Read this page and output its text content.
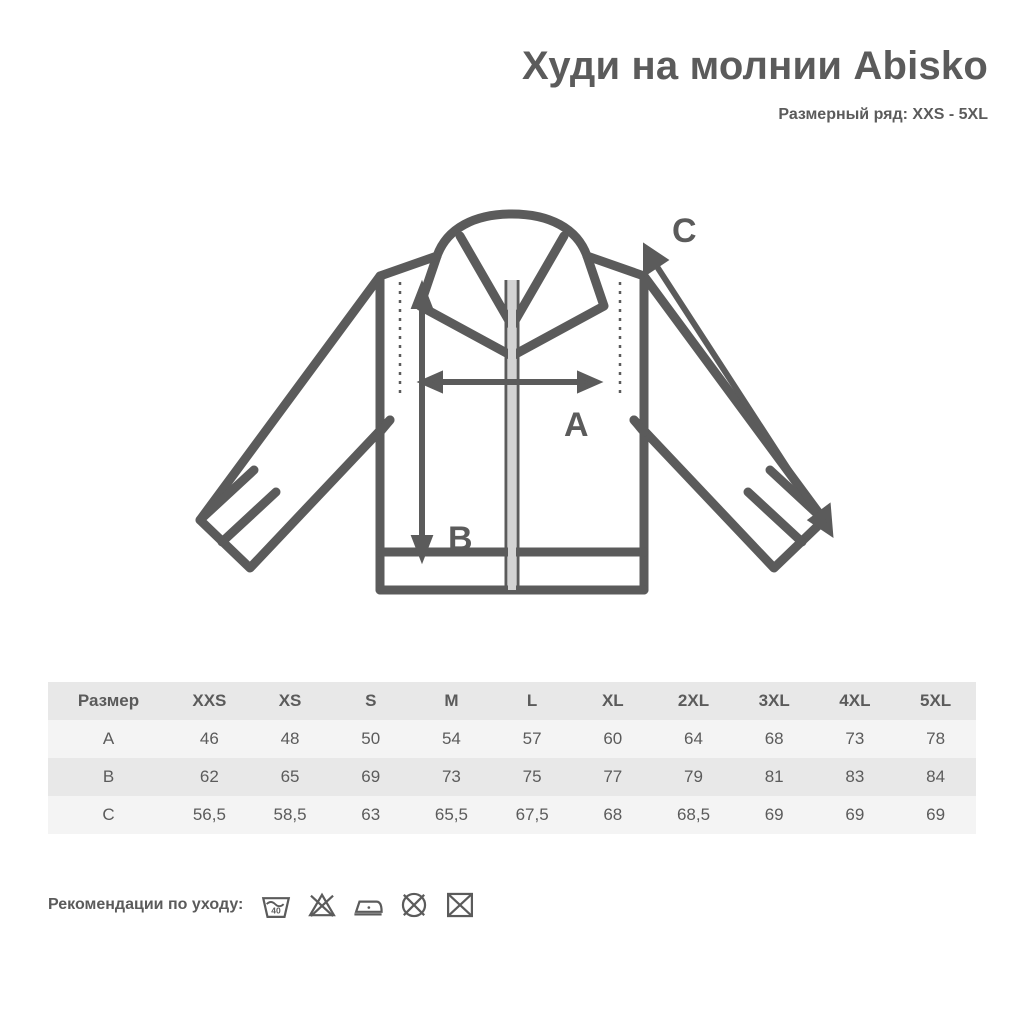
Худи на молнии Abisko
Размерный ряд: XXS - 5XL
A
B
C
Размер	XXS	XS	S	M	L	XL	2XL	3XL	4XL	5XL
A	46	48	50	54	57	60	64	68	73	78
B	62	65	69	73	75	77	79	81	83	84
C	56,5	58,5	63	65,5	67,5	68	68,5	69	69	69
Рекомендации по уходу:	40
